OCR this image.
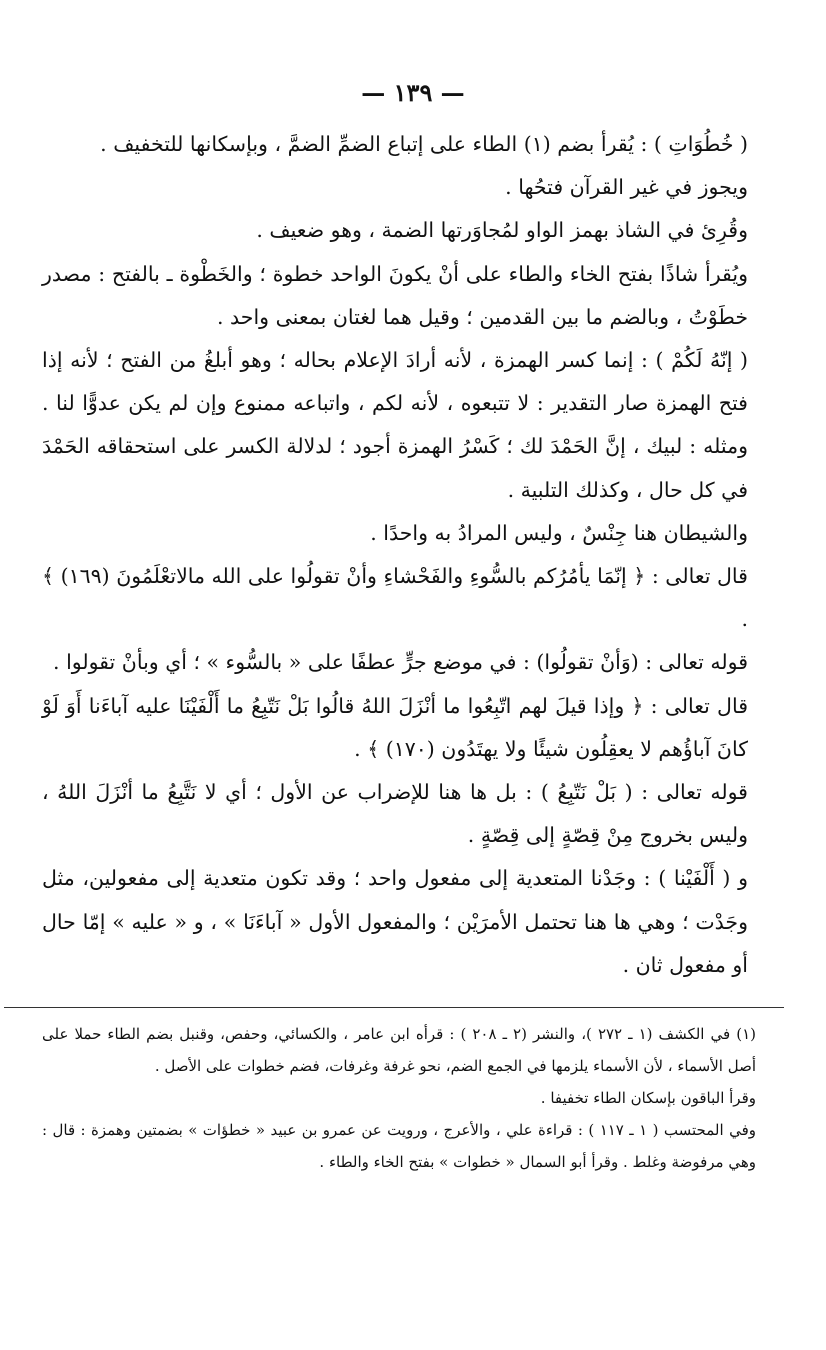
— ١٣٩ —

( خُطُوَاتِ ) : يُقرأ بضم (١) الطاء على إتباع الضمِّ الضمَّ ، وبإسكانها للتخفيف .

ويجوز في غير القرآن فتحُها .

وقُرِئ في الشاذ بهمز الواو لمُجاوَرتها الضمة ، وهو ضعيف .

ويُقرأ شاذًا بفتح الخاء والطاء على أنْ يكونَ الواحد خطوة ؛ والخَطْوة ـ بالفتح : مصدر خطَوْتُ ، وبالضم ما بين القدمين ؛ وقيل هما لغتان بمعنى واحد .

( إنّهُ لَكُمْ ) : إنما كسر الهمزة ، لأنه أرادَ الإعلام بحاله ؛ وهو أبلغُ من الفتح ؛ لأنه إذا فتح الهمزة صار التقدير : لا تتبعوه ، لأنه لكم ، واتباعه ممنوع وإن لم يكن عدوًّا لنا . ومثله : لبيك ، إنَّ الحَمْدَ لك ؛ كَسْرُ الهمزة أجود ؛ لدلالة الكسر على استحقاقه الحَمْدَ في كل حال ، وكذلك التلبية .

والشيطان هنا جِنْسٌ ، وليس المرادُ به واحدًا .

قال تعالى : ﴿ إنّمَا يأمُرُكم بالسُّوءِ والفَحْشاءِ وأنْ تقولُوا على الله مالاتعْلَمُونَ (١٦٩) ﴾ .

قوله تعالى : (وَأنْ تقولُوا) : في موضع جرٍّ عطفًا على « بالسُّوء » ؛ أي وبأنْ تقولوا .

قال تعالى : ﴿ وإذا قيلَ لهم اتّبِعُوا ما أنْزَلَ اللهُ قالُوا بَلْ نَتّبِعُ ما أَلْفَيْنَا عليه آباءَنا أَوَ لَوْ كانَ آباؤُهم لا يعقِلُون شيئًا ولا يهتَدُون (١٧٠) ﴾ .

قوله تعالى : ( بَلْ نَتّبِعُ ) : بل ها هنا للإضراب عن الأول ؛ أي لا نَتَّبِعُ ما أنْزَلَ اللهُ ، وليس بخروج مِنْ قِصّةٍ إلى قِصّةٍ .

و ( أَلْفَيْنا ) : وجَدْنا المتعدية إلى مفعول واحد ؛ وقد تكون متعدية إلى مفعولين، مثل وجَدْت ؛ وهي ها هنا تحتمل الأمرَيْن ؛ والمفعول الأول « آباءَنَا » ، و « عليه » إمّا حال أو مفعول ثان .

(١) في الكشف (١ ـ ٢٧٢ )، والنشر (٢ ـ ٢٠٨ ) : قرأه ابن عامر ، والكسائي، وحفص، وقنبل بضم الطاء حملا على أصل الأسماء ، لأن الأسماء يلزمها في الجمع الضم، نحو غرفة وغرفات، فضم خطوات على الأصل .

وقرأ الباقون بإسكان الطاء تخفيفا .

وفي المحتسب ( ١ ـ ١١٧ ) : قراءة علي ، والأعرج ، ورويت عن عمرو بن عبيد « خطؤات » بضمتين وهمزة : قال : وهي مرفوضة وغلط . وقرأ أبو السمال « خطوات » بفتح الخاء والطاء .
